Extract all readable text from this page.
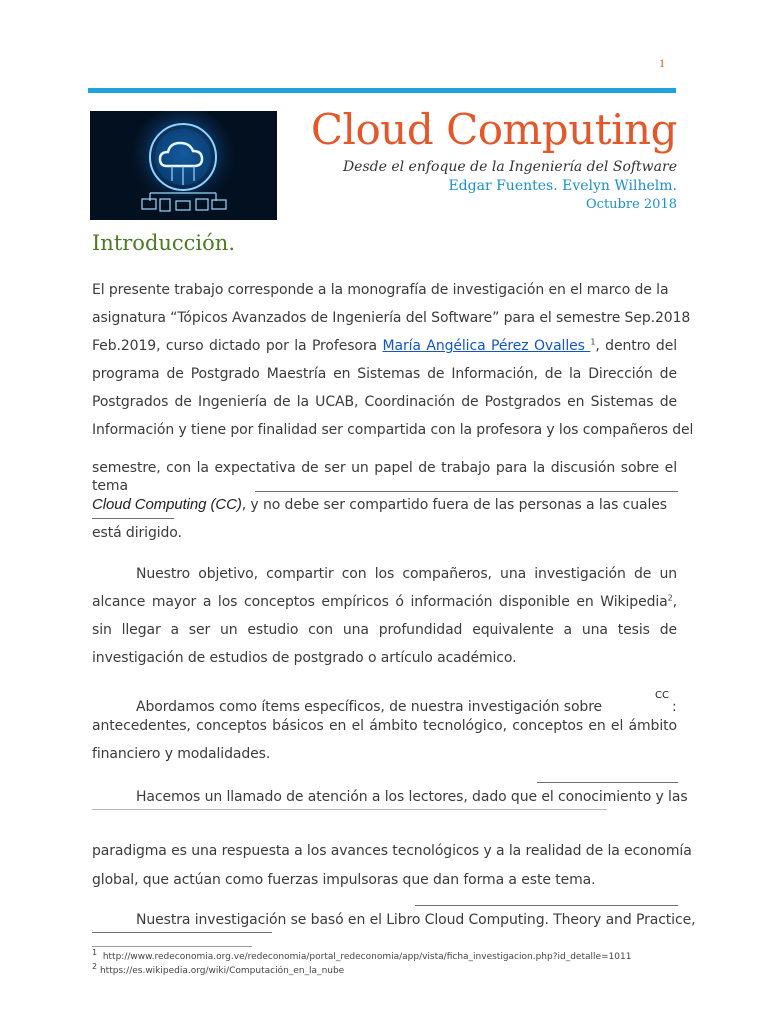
1
Cloud Computing
Desde el enfoque de la Ingeniería del Software
Edgar Fuentes. Evelyn Wilhelm.
Octubre 2018
Introducción.
El presente trabajo corresponde a la monografía de investigación en el marco de la
asignatura “Tópicos Avanzados de Ingeniería del Software” para el semestre Sep.2018
Feb.2019, curso dictado por la Profesora María Angélica Pérez Ovalles $^1$, dentro del
programa de Postgrado Maestría en Sistemas de Información, de la Dirección de
Postgrados de Ingeniería de la UCAB, Coordinación de Postgrados en Sistemas de
Información y tiene por finalidad ser compartida con la profesora y los compañeros del
semestre, con la expectativa de ser un papel de trabajo para la discusión sobre el
tema
Cloud Computing (CC), y no debe ser compartido fuera de las personas a las cuales
está dirigido.
Nuestro objetivo, compartir con los compañeros, una investigación de un
alcance mayor a los conceptos empíricos ó información disponible en Wikipedia$^2$,
sin llegar a ser un estudio con una profundidad equivalente a una tesis de
investigación de estudios de postgrado o artículo académico.
CC
Abordamos como ítems específicos, de nuestra investigación sobre	:
antecedentes, conceptos básicos en el ámbito tecnológico, conceptos en el ámbito
financiero y modalidades.
Hacemos un llamado de atención a los lectores, dado que el conocimiento y las
paradigma es una respuesta a los avances tecnológicos y a la realidad de la economía
global, que actúan como fuerzas impulsoras que dan forma a este tema.
Nuestra investigación se basó en el Libro Cloud Computing. Theory and Practice,
$^1$ http://www.redeconomia.org.ve/redeconomia/portal_redeconomia/app/vista/ficha_investigacion.php?id_detalle=1011
$^2$ https://es.wikipedia.org/wiki/Computación_en_la_nube
